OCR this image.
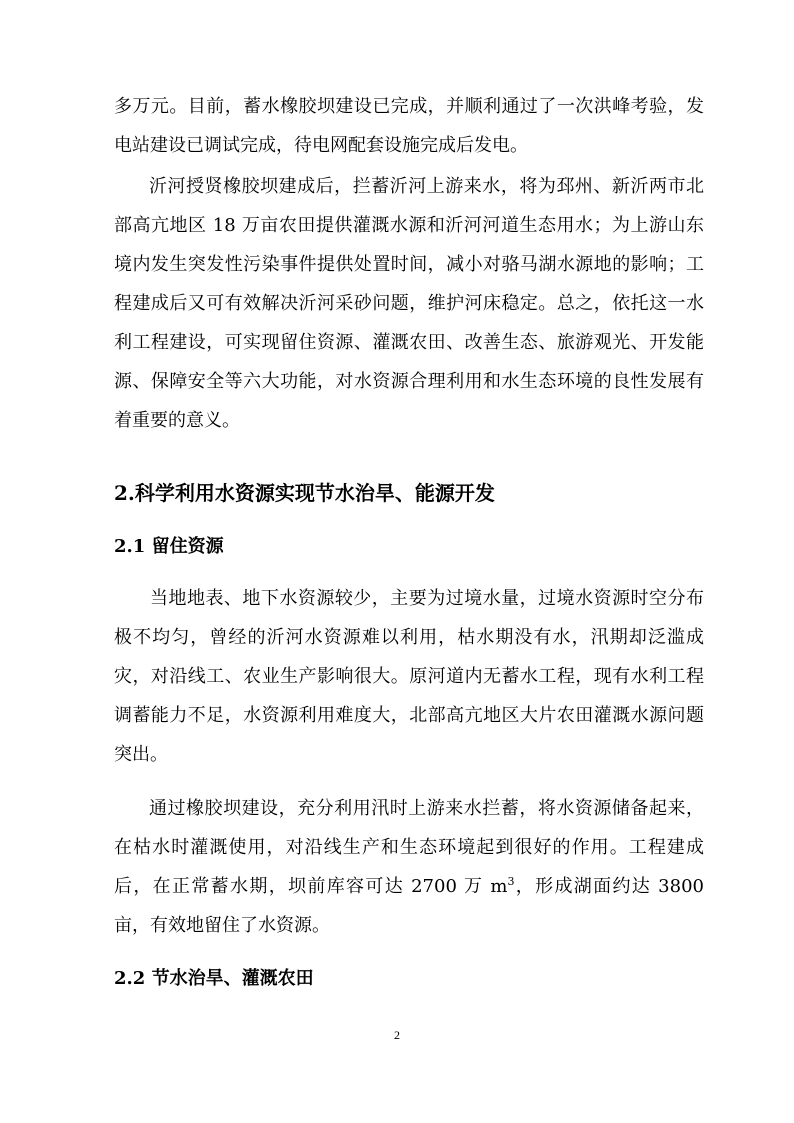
多万元。目前，蓄水橡胶坝建设已完成，并顺利通过了一次洪峰考验，发电站建设已调试完成，待电网配套设施完成后发电。

沂河授贤橡胶坝建成后，拦蓄沂河上游来水，将为邳州、新沂两市北部高亢地区 18 万亩农田提供灌溉水源和沂河河道生态用水；为上游山东境内发生突发性污染事件提供处置时间，减小对骆马湖水源地的影响；工程建成后又可有效解决沂河采砂问题，维护河床稳定。总之，依托这一水利工程建设，可实现留住资源、灌溉农田、改善生态、旅游观光、开发能源、保障安全等六大功能，对水资源合理利用和水生态环境的良性发展有着重要的意义。

2.科学利用水资源实现节水治旱、能源开发
2.1 留住资源

当地地表、地下水资源较少，主要为过境水量，过境水资源时空分布极不均匀，曾经的沂河水资源难以利用，枯水期没有水，汛期却泛滥成灾，对沿线工、农业生产影响很大。原河道内无蓄水工程，现有水利工程调蓄能力不足，水资源利用难度大，北部高亢地区大片农田灌溉水源问题突出。

通过橡胶坝建设，充分利用汛时上游来水拦蓄，将水资源储备起来，在枯水时灌溉使用，对沿线生产和生态环境起到很好的作用。工程建成后，在正常蓄水期，坝前库容可达 2700 万 $m^3$，形成湖面约达 3800 亩，有效地留住了水资源。

2.2 节水治旱、灌溉农田
2
